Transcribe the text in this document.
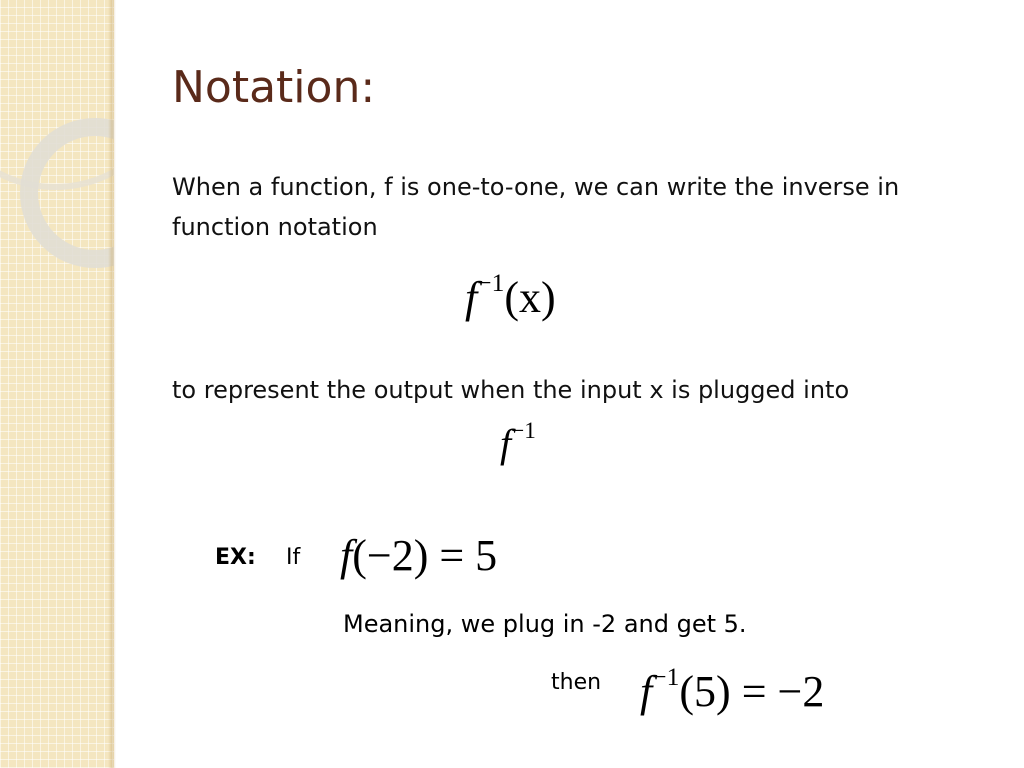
Notation:
When a function, f is one-to-one, we can write the inverse in function notation
$f^{-1}(x)$
to represent the output when the input x is plugged into
$f^{-1}$
EX: If f(−2) = 5
Meaning, we plug in -2 and get 5.
then $f^{-1}(5) = -2$
